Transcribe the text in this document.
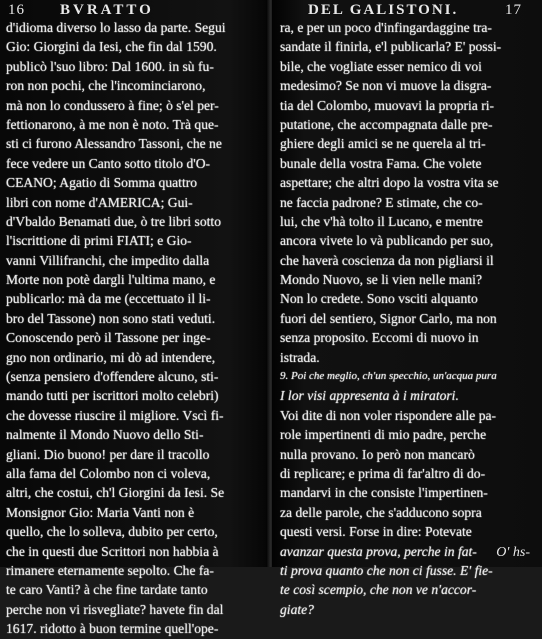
16 BVRATTO
d'idioma diverso lo lasso da parte. Segui
Gio: Giorgini da Iesi, che fin dal 1590.
publicò l'suo libro: Dal 1600. in sù fu-
ron non pochi, che l'incominciarono,
mà non lo condussero à fine; ò s'el per-
fettionarono, à me non è noto. Trà que-
sti ci furono Alessandro Tassoni, che ne
fece vedere un Canto sotto titolo d'O-
CEANO; Agatio di Somma quattro
libri con nome d'AMERICA; Gui-
d'Vbaldo Benamati due, ò tre libri sotto
l'iscrittione di primi FIATI; e Gio-
vanni Villifranchi, che impedito dalla
Morte non potè dargli l'ultima mano, e
publicarlo: mà da me (eccettuato il li-
bro del Tassone) non sono stati veduti.
Conoscendo però il Tassone per inge-
gno non ordinario, mi dò ad intendere,
(senza pensiero d'offendere alcuno, sti-
mando tutti per iscrittori molto celebri)
che dovesse riuscire il migliore. Vscì fi-
nalmente il Mondo Nuovo dello Sti-
gliani. Dio buono! per dare il tracollo
alla fama del Colombo non ci voleva,
altri, che costui, ch'l Giorgini da Iesi. Se
Monsignor Gio: Maria Vanti non è
quello, che lo solleva, dubito per certo,
che in questi due Scrittori non habbia à
rimanere eternamente sepolto. Che fa-
te caro Vanti? à che fine tardate tanto
perche non vi risvegliate? havete fin dal
1617. ridotto à buon termine quell'ope-
DEL GALISTONI.	17
ra, e per un poco d'infingardaggine tra-
sandate il finirla, e'l publicarla? E' possi-
bile, che vogliate esser nemico di voi
medesimo? Se non vi muove la disgra-
tia del Colombo, muovavi la propria ri-
putatione, che accompagnata dalle pre-
ghiere degli amici se ne querela al tri-
bunale della vostra Fama. Che volete
aspettare; che altri dopo la vostra vita se
ne faccia padrone? E stimate, che co-
lui, che v'hà tolto il Lucano, e mentre
ancora vivete lo và publicando per suo,
che haverà coscienza da non pigliarsi il
Mondo Nuovo, se li vien nelle mani?
Non lo credete. Sono vsciti alquanto
fuori del sentiero, Signor Carlo, ma non
senza proposito. Eccomi di nuovo in
istrada.
9. Poi che meglio, ch'un specchio, un'acqua pura
I lor visi appresenta à i miratori.
Voi dite di non voler rispondere alle pa-
role impertinenti di mio padre, perche
nulla provano. Io però non mancarò
di replicare; e prima di far'altro di do-
mandarvi in che consiste l'impertinen-
za delle parole, che s'adducono sopra
questi versi. Forse in dire: Potevate
avanzar questa prova, perche in fat-
ti prova quanto che non ci fusse. E' fie-
te così scempio, che non ve n'accor-
giate?
O' hs-
